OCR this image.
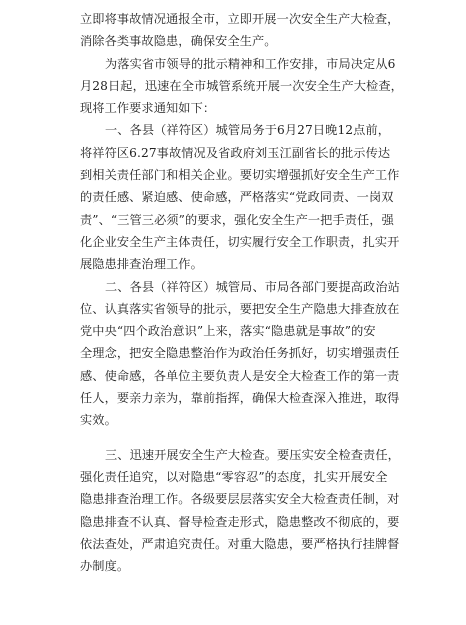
立即将事故情况通报全市，立即开展一次安全生产大检查，
消除各类事故隐患，确保安全生产。
为落实省市领导的批示精神和工作安排，市局决定从6
月28日起，迅速在全市城管系统开展一次安全生产大检查，
现将工作要求通知如下：
一、各县（祥符区）城管局务于6月27日晚12点前，
将祥符区6.27事故情况及省政府刘玉江副省长的批示传达
到相关责任部门和相关企业。要切实增强抓好安全生产工作
的责任感、紧迫感、使命感，严格落实“党政同责、一岗双
责”、“三管三必须”的要求，强化安全生产一把手责任，强
化企业安全生产主体责任，切实履行安全工作职责，扎实开
展隐患排查治理工作。
二、各县（祥符区）城管局、市局各部门要提高政治站
位、认真落实省领导的批示，要把安全生产隐患大排查放在
党中央“四个政治意识”上来，落实“隐患就是事故”的安
全理念，把安全隐患整治作为政治任务抓好，切实增强责任
感、使命感，各单位主要负责人是安全大检查工作的第一责
任人，要亲力亲为，靠前指挥，确保大检查深入推进，取得
实效。
三、迅速开展安全生产大检查。要压实安全检查责任，
强化责任追究，以对隐患“零容忍”的态度，扎实开展安全
隐患排查治理工作。各级要层层落实安全大检查责任制，对
隐患排查不认真、督导检查走形式，隐患整改不彻底的，要
依法查处，严肃追究责任。对重大隐患，要严格执行挂牌督
办制度。
